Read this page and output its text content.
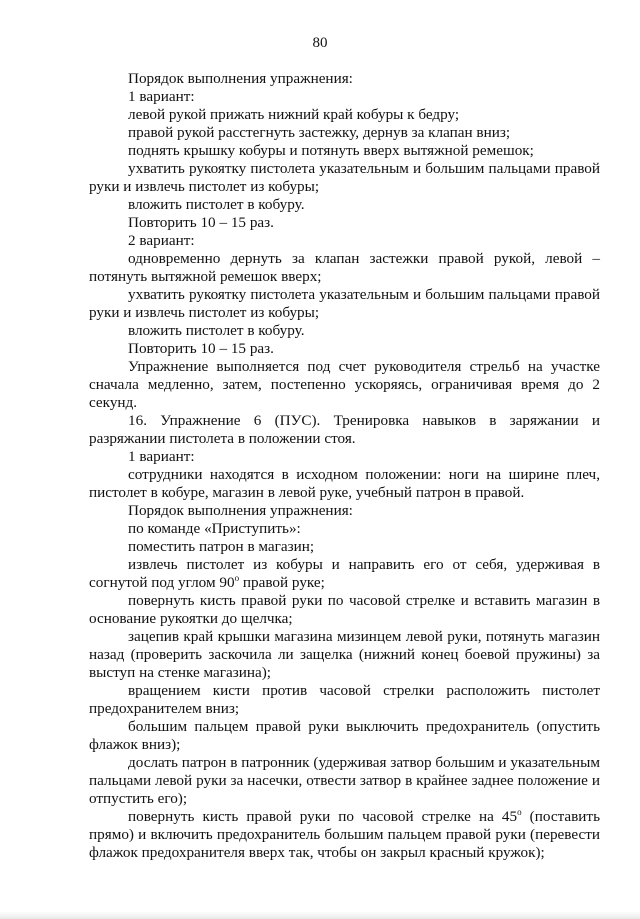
80

Порядок выполнения упражнения:

1 вариант:

левой рукой прижать нижний край кобуры к бедру;

правой рукой расстегнуть застежку, дернув за клапан вниз;

поднять крышку кобуры и потянуть вверх вытяжной ремешок;

ухватить рукоятку пистолета указательным и большим пальцами правой руки и извлечь пистолет из кобуры;

вложить пистолет в кобуру.

Повторить 10 – 15 раз.

2 вариант:

одновременно дернуть за клапан застежки правой рукой, левой – потянуть вытяжной ремешок вверх;

ухватить рукоятку пистолета указательным и большим пальцами правой руки и извлечь пистолет из кобуры;

вложить пистолет в кобуру.

Повторить 10 – 15 раз.

Упражнение выполняется под счет руководителя стрельб на участке сначала медленно, затем, постепенно ускоряясь, ограничивая время до 2 секунд.

16. Упражнение 6 (ПУС). Тренировка навыков в заряжании и разряжании пистолета в положении стоя.

1 вариант:

сотрудники находятся в исходном положении: ноги на ширине плеч, пистолет в кобуре, магазин в левой руке, учебный патрон в правой.

Порядок выполнения упражнения:

по команде «Приступить»:

поместить патрон в магазин;

извлечь пистолет из кобуры и направить его от себя, удерживая в согнутой под углом $90^о$ правой руке;

повернуть кисть правой руки по часовой стрелке и вставить магазин в основание рукоятки до щелчка;

зацепив край крышки магазина мизинцем левой руки, потянуть магазин назад (проверить заскочила ли защелка (нижний конец боевой пружины) за выступ на стенке магазина);

вращением кисти против часовой стрелки расположить пистолет предохранителем вниз;

большим пальцем правой руки выключить предохранитель (опустить флажок вниз);

дослать патрон в патронник (удерживая затвор большим и указательным пальцами левой руки за насечки, отвести затвор в крайнее заднее положение и отпустить его);

повернуть кисть правой руки по часовой стрелке на $45^о$ (поставить прямо) и включить предохранитель большим пальцем правой руки (перевести флажок предохранителя вверх так, чтобы он закрыл красный кружок);
